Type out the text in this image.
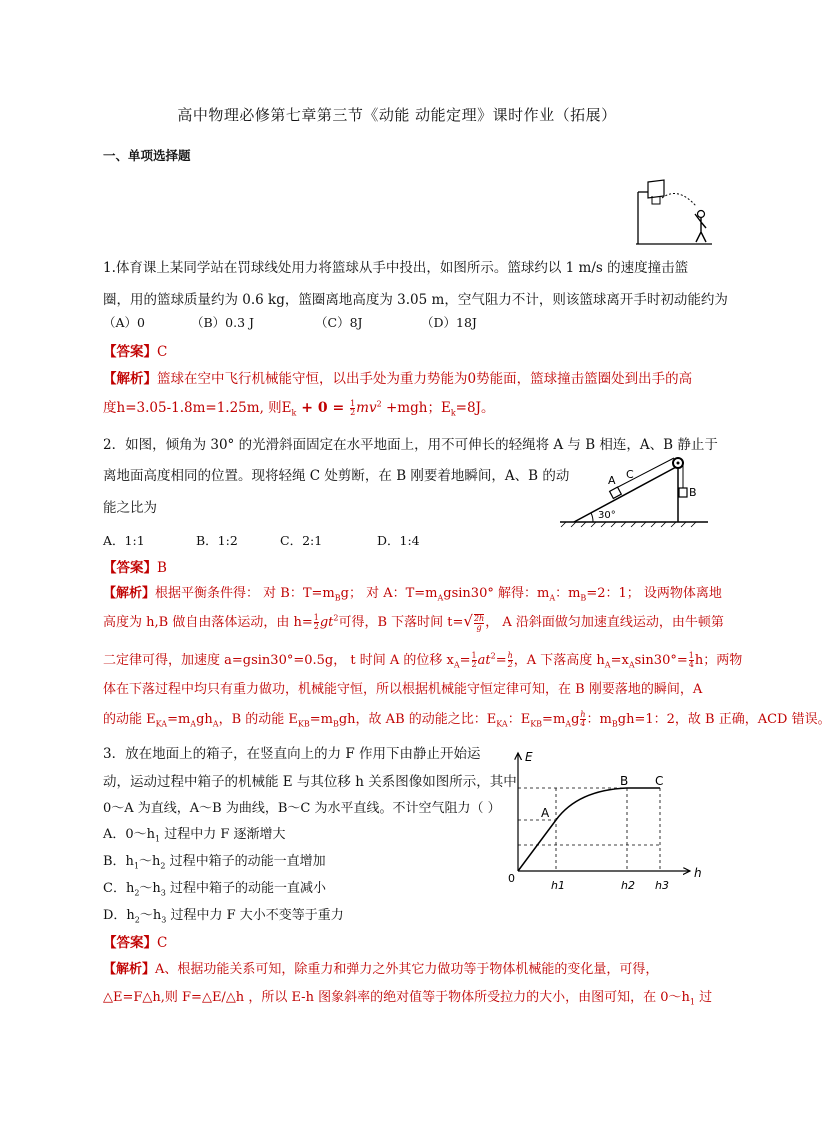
高中物理必修第七章第三节《动能 动能定理》课时作业（拓展）
一、单项选择题
1.体育课上某同学站在罚球线处用力将篮球从手中投出，如图所示。篮球约以 1 m/s 的速度撞击篮
圈，用的篮球质量约为 0.6 kg，篮圈离地高度为 3.05 m，空气阻力不计，则该篮球离开手时初动能约为
（A）0	（B）0.3 J	（C）8J	（D）18J
【答案】C
【解析】篮球在空中飞行机械能守恒，以出手处为重力势能为0势能面，篮球撞击篮圈处到出手的高
度h=3.05-1.8m=1.25m, 则$E_k + 0 = \frac{1}{2} mv^2 +mgh$；$E_k=8J$。
2．如图，倾角为 30° 的光滑斜面固定在水平地面上，用不可伸长的轻绳将 A 与 B 相连，A、B 静止于
离地面高度相同的位置。现将轻绳 C 处剪断，在 B 刚要着地瞬间，A、B 的动
能之比为
A C
B
30°
A．1:1	B．1:2	C．2:1	D．1:4
【答案】B
【解析】根据平衡条件得： 对 B：$T=m_Bg$； 对 A：$T=m_Agsin30^\circ$ 解得：$m_A$：$m_B=2$：1； 设两物体离地
高度为 h,B 做自由落体运动，由 $h= \frac{1}{2} gt^2$可得，B 下落时间 $t=√ \frac{2h}{g}$ ， A 沿斜面做匀加速直线运动，由牛顿第
二定律可得，加速度 a=gsin30°=0.5g， t 时间 A 的位移 $x_A= \frac{1}{2} at^2= \frac{h}{2}$ ，A 下落高度 $h_A=x_A\sin 30^\circ= \frac{1}{4}$ h；两物
体在下落过程中均只有重力做功，机械能守恒，所以根据机械能守恒定律可知，在 B 刚要落地的瞬间，A
的动能 $E_{KA}=m_Agh_A$，B 的动能 $E_{KB}=m_Bgh$，故 AB 的动能之比：$E_{KA}$：$E_{KB}=m_Ag \frac{h}{4}$ ：$m_Bgh=1$：2，故 B 正确，ACD 错误。
3．放在地面上的箱子，在竖直向上的力 F 作用下由静止开始运
动，运动过程中箱子的机械能 E 与其位移 h 关系图像如图所示，其中
0～A 为直线，A～B 为曲线，B～C 为水平直线。不计空气阻力（ ）
A．$0\sim h_1$ 过程中力 F 逐渐增大
B．$h_1\sim h_2$ 过程中箱子的动能一直增加
C．$h_2\sim h_3$ 过程中箱子的动能一直减小
D．$h_2\sim h_3$ 过程中力 F 大小不变等于重力
E
h
0
h1	h2 h3
A
B C
【答案】C
【解析】A、根据功能关系可知，除重力和弹力之外其它力做功等于物体机械能的变化量，可得，
△E=F△h,则 F=△E/△h ，所以 E-h 图象斜率的绝对值等于物体所受拉力的大小，由图可知，在 $0\sim h_1$ 过
